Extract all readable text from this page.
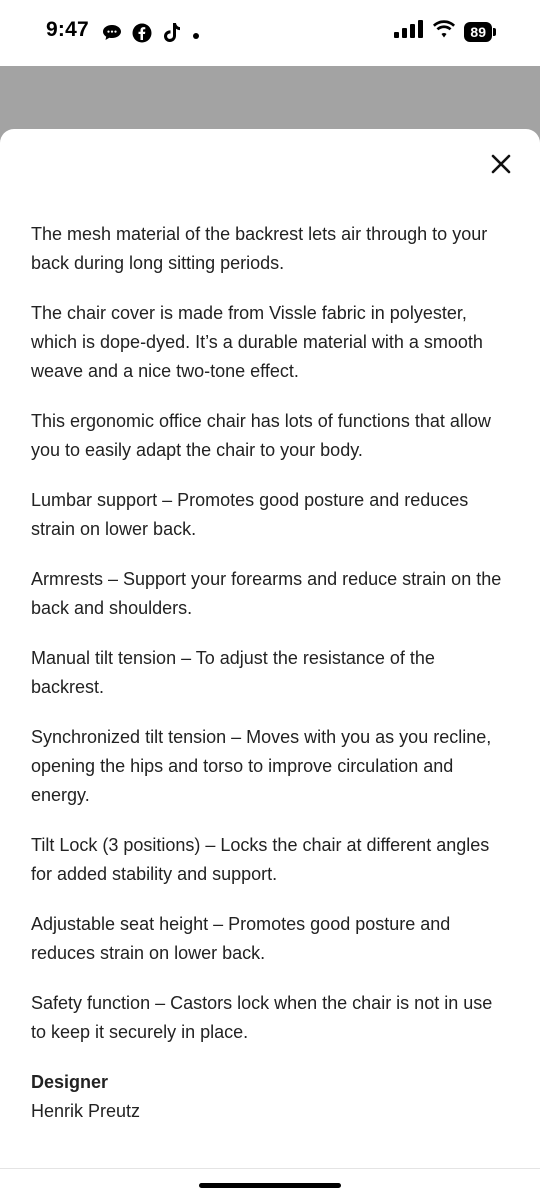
9:47	89

The mesh material of the backrest lets air through to your back during long sitting periods.

The chair cover is made from Vissle fabric in polyester, which is dope-dyed. It’s a durable material with a smooth weave and a nice two-tone effect.

This ergonomic office chair has lots of functions that allow you to easily adapt the chair to your body.

Lumbar support – Promotes good posture and reduces strain on lower back.

Armrests – Support your forearms and reduce strain on the back and shoulders.

Manual tilt tension – To adjust the resistance of the backrest.

Synchronized tilt tension – Moves with you as you recline, opening the hips and torso to improve circulation and energy.

Tilt Lock (3 positions) – Locks the chair at different angles for added stability and support.

Adjustable seat height – Promotes good posture and reduces strain on lower back.

Safety function – Castors lock when the chair is not in use to keep it securely in place.

Designer
Henrik Preutz
